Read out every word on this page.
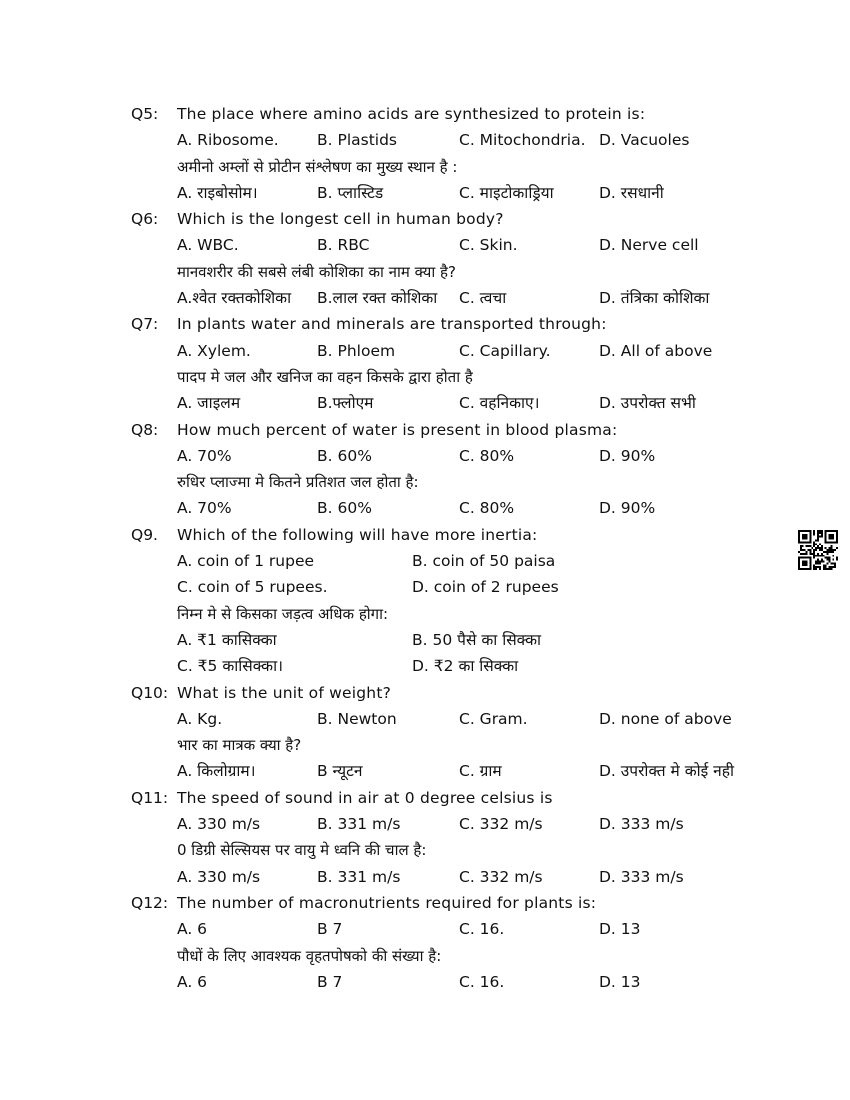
Q5: The place where amino acids are synthesized to protein is:
A. Ribosome. B. Plastids	C. Mitochondria. D. Vacuoles
अमीनो अम्लों से प्रोटीन संश्लेषण का मुख्य स्थान है :
A. राइबोसोम।	B. प्लास्टिड	C. माइटोकाड्रिया	D. रसधानी
Q6: Which is the longest cell in human body?
A. WBC.	B. RBC	C. Skin.	D. Nerve cell
मानवशरीर की सबसे लंबी कोशिका का नाम क्या है?
A.श्वेत रक्तकोशिका B.लाल रक्त कोशिका C. त्वचा	D. तंत्रिका कोशिका
Q7: In plants water and minerals are transported through:
A. Xylem.	B. Phloem	C. Capillary.	D. All of above
पादप मे जल और खनिज का वहन किसके द्वारा होता है
A. जाइलम	B.फ्लोएम	C. वहनिकाए।	D. उपरोक्त सभी
Q8: How much percent of water is present in blood plasma:
A. 70%	B. 60%	C. 80%	D. 90%
रुधिर प्लाज्मा मे कितने प्रतिशत जल होता है:
A. 70%	B. 60%	C. 80%	D. 90%
Q9. Which of the following will have more inertia:
A. coin of 1 rupee	B. coin of 50 paisa
C. coin of 5 rupees.	D. coin of 2 rupees
निम्न मे से किसका जड़त्व अधिक होगा:
A. ₹1 कासिक्का	B. 50 पैसे का सिक्का
C. ₹5 कासिक्का।	D. ₹2 का सिक्का
Q10: What is the unit of weight?
A. Kg.	B. Newton	C. Gram.	D. none of above
भार का मात्रक क्या है?
A. किलोग्राम।	B न्यूटन	C. ग्राम	D. उपरोक्त मे कोई नही
Q11: The speed of sound in air at 0 degree celsius is
A. 330 m/s	B. 331 m/s	C. 332 m/s	D. 333 m/s
0 डिग्री सेल्सियस पर वायु मे ध्वनि की चाल है:
A. 330 m/s	B. 331 m/s	C. 332 m/s	D. 333 m/s
Q12: The number of macronutrients required for plants is:
A. 6	B 7	C. 16.	D. 13
पौधों के लिए आवश्यक वृहतपोषको की संख्या है:
A. 6	B 7	C. 16.	D. 13
